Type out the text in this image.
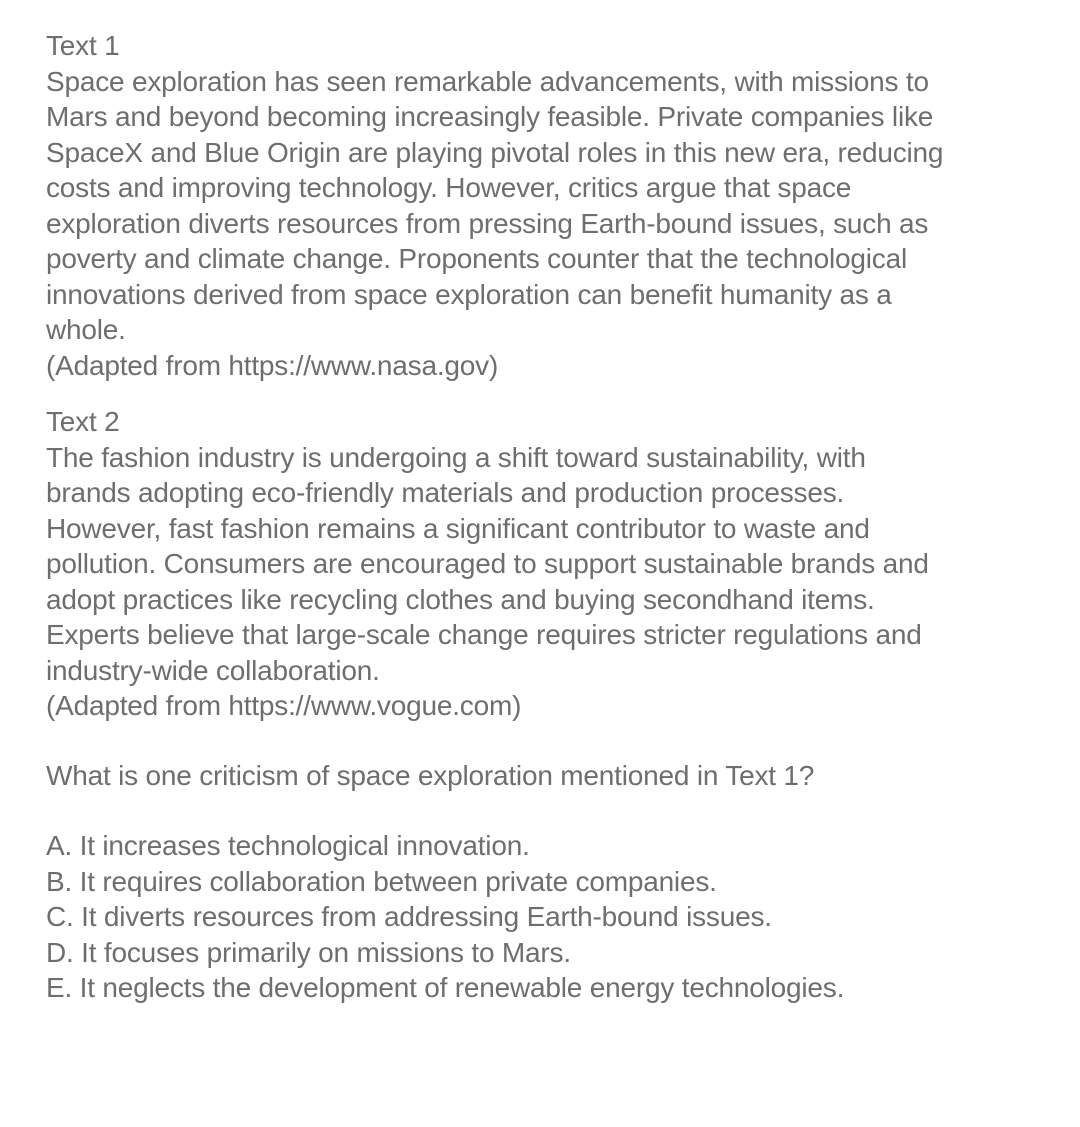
Text 1

Space exploration has seen remarkable advancements, with missions to

Mars and beyond becoming increasingly feasible. Private companies like

SpaceX and Blue Origin are playing pivotal roles in this new era, reducing

costs and improving technology. However, critics argue that space

exploration diverts resources from pressing Earth-bound issues, such as

poverty and climate change. Proponents counter that the technological

innovations derived from space exploration can benefit humanity as a

whole.

(Adapted from https://www.nasa.gov)

Text 2

The fashion industry is undergoing a shift toward sustainability, with

brands adopting eco-friendly materials and production processes.

However, fast fashion remains a significant contributor to waste and

pollution. Consumers are encouraged to support sustainable brands and

adopt practices like recycling clothes and buying secondhand items.

Experts believe that large-scale change requires stricter regulations and

industry-wide collaboration.

(Adapted from https://www.vogue.com)

What is one criticism of space exploration mentioned in Text 1?

A. It increases technological innovation.
B. It requires collaboration between private companies.
C. It diverts resources from addressing Earth-bound issues.
D. It focuses primarily on missions to Mars.
E. It neglects the development of renewable energy technologies.
